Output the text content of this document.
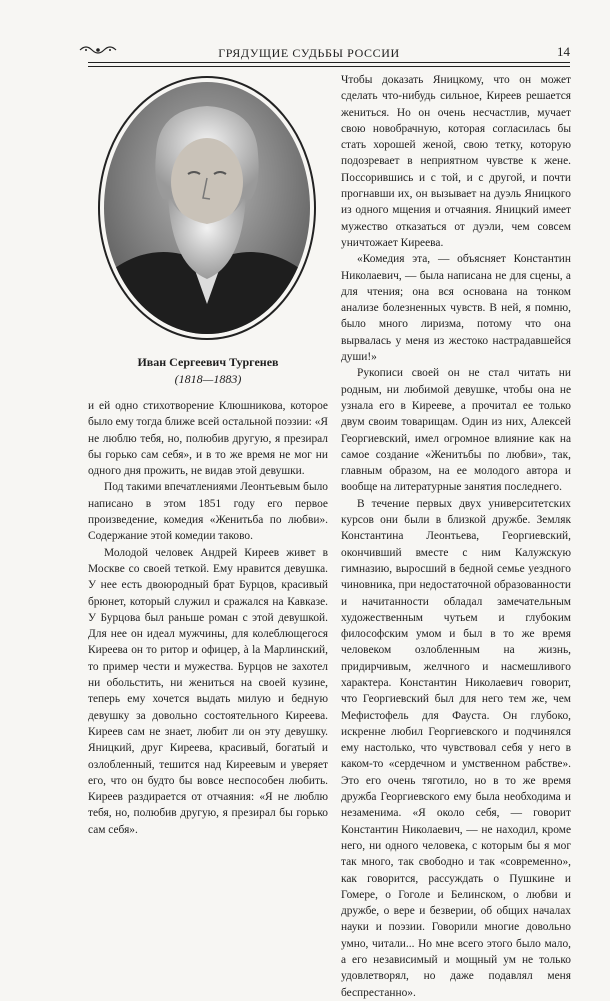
ГРЯДУЩИЕ СУДЬБЫ РОССИИ	14
Иван Сергеевич Тургенев
(1818—1883)

и ей одно стихотворение Клюшникова, которое было ему тогда ближе всей остальной поэзии: «Я не люблю тебя, но, полюбив другую, я презирал бы горько сам себя», и в то же время не мог ни одного дня прожить, не видав этой девушки.

Под такими впечатлениями Леонтьевым было написано в этом 1851 году его первое произведение, комедия «Женитьба по любви». Содержание этой комедии таково.

Молодой человек Андрей Киреев живет в Москве со своей теткой. Ему нравится девушка. У нее есть двоюродный брат Бурцов, красивый брюнет, который служил и сражался на Кавказе. У Бурцова был раньше роман с этой девушкой. Для нее он идеал мужчины, для колеблющегося Киреева он то ритор и офицер, à la Марлинский, то пример чести и мужества. Бурцов не захотел ни обольстить, ни жениться на своей кузине, теперь ему хочется выдать милую и бедную девушку за довольно состоятельного Киреева. Киреев сам не знает, любит ли он эту девушку. Яницкий, друг Киреева, красивый, богатый и озлобленный, тешится над Киреевым и уверяет его, что он будто бы вовсе неспособен любить. Киреев раздирается от отчаяния: «Я не люблю тебя, но, полюбив другую, я презирал бы горько сам себя».

Чтобы доказать Яницкому, что он может сделать что-нибудь сильное, Киреев решается жениться. Но он очень несчастлив, мучает свою новобрачную, которая согласилась бы стать хорошей женой, свою тетку, которую подозревает в неприятном чувстве к жене. Поссорившись и с той, и с другой, и почти прогнавши их, он вызывает на дуэль Яницкого из одного мщения и отчаяния. Яницкий имеет мужество отказаться от дуэли, чем совсем уничтожает Киреева.

«Комедия эта, — объясняет Константин Николаевич, — была написана не для сцены, а для чтения; она вся основана на тонком анализе болезненных чувств. В ней, я помню, было много лиризма, потому что она вырвалась у меня из жестоко настрадавшейся души!»

Рукописи своей он не стал читать ни родным, ни любимой девушке, чтобы она не узнала его в Кирееве, а прочитал ее только двум своим товарищам. Один из них, Алексей Георгиевский, имел огромное влияние как на самое создание «Женитьбы по любви», так, главным образом, на ее молодого автора и вообще на литературные занятия последнего.

В течение первых двух университетских курсов они были в близкой дружбе. Земляк Константина Леонтьева, Георгиевский, окончивший вместе с ним Калужскую гимназию, выросший в бедной семье уездного чиновника, при недостаточной образованности и начитанности обладал замечательным художественным чутьем и глубоким философским умом и был в то же время человеком озлобленным на жизнь, придирчивым, желчного и насмешливого характера. Константин Николаевич говорит, что Георгиевский был для него тем же, чем Мефистофель для Фауста. Он глубоко, искренне любил Георгиевского и подчинялся ему настолько, что чувствовал себя у него в каком-то «сердечном и умственном рабстве». Это его очень тяготило, но в то же время дружба Георгиевского ему была необходима и незаменима. «Я около себя, — говорит Константин Николаевич, — не находил, кроме него, ни одного человека, с которым бы я мог так много, так свободно и так «современно», как говорится, рассуждать о Пушкине и Гомере, о Гоголе и Белинском, о любви и дружбе, о вере и безверии, об общих началах науки и поэзии. Говорили многие довольно умно, читали... Но мне всего этого было мало, а его независимый и мощный ум не только удовлетворял, но даже подавлял меня беспрестанно».
